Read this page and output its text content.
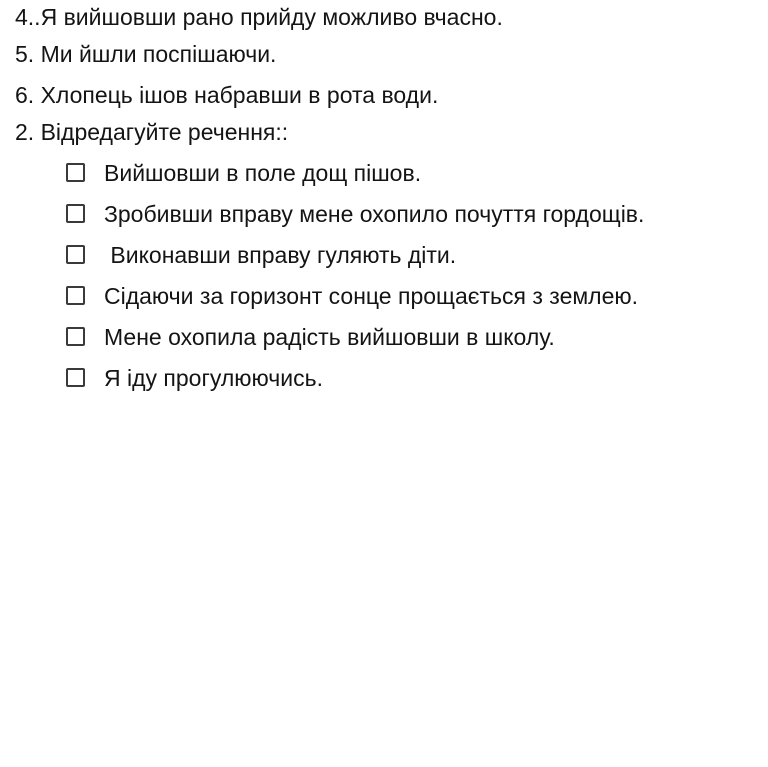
4..Я вийшовши рано прийду можливо вчасно.
5. Ми йшли поспішаючи.
6. Хлопець ішов набравши в рота води.
2. Відредагуйте речення::
Вийшовши в поле дощ пішов.
Зробивши вправу мене охопило почуття гордощів.
Виконавши вправу гуляють діти.
Сідаючи за горизонт сонце прощається з землею.
Мене охопила радість вийшовши в школу.
Я іду прогулюючись.
